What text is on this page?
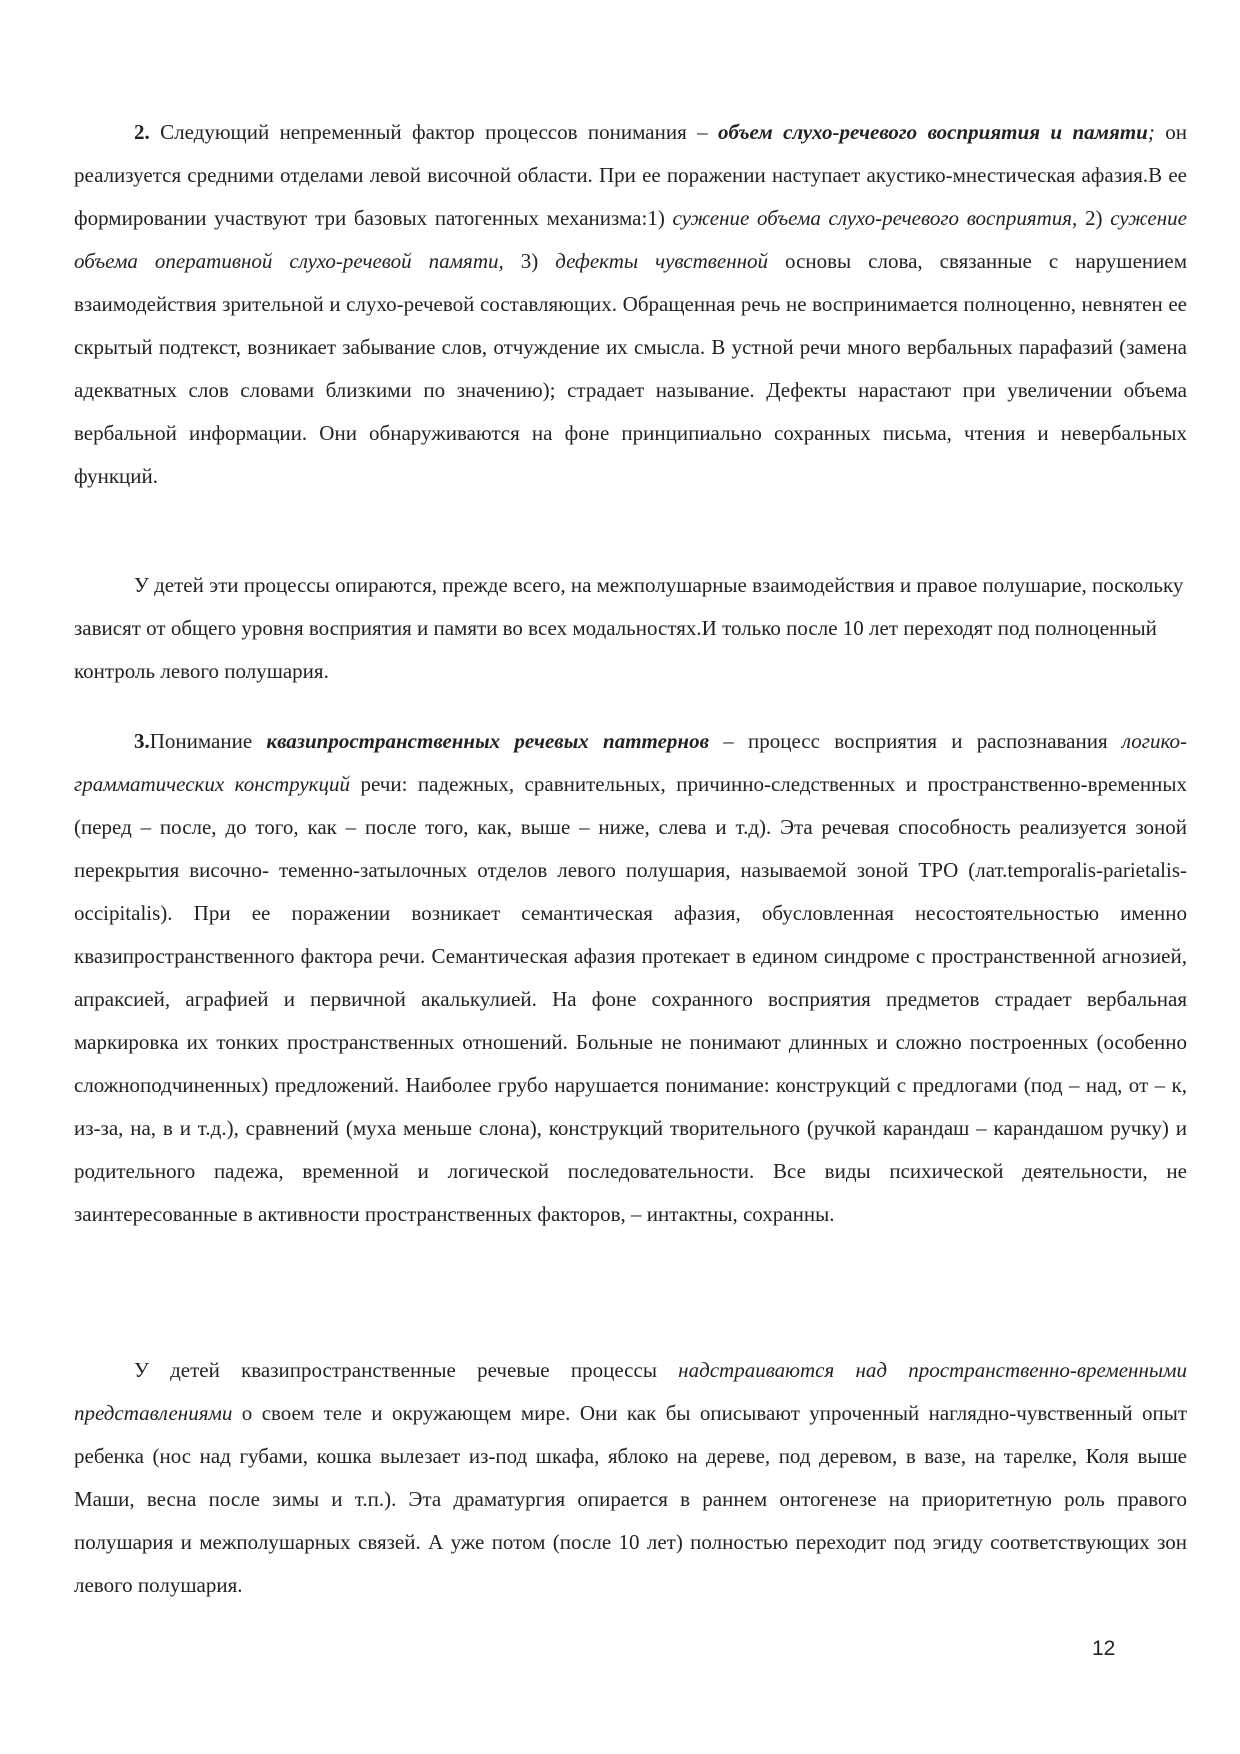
2. Следующий непременный фактор процессов понимания – объем слухо-речевого восприятия и памяти; он реализуется средними отделами левой височной области. При ее поражении наступает акустико-мнестическая афазия.В ее формировании участвуют три базовых патогенных механизма:1) сужение объема слухо-речевого восприятия, 2) сужение объема оперативной слухо-речевой памяти, 3) дефекты чувственной основы слова, связанные с нарушением взаимодействия зрительной и слухо-речевой составляющих. Обращенная речь не воспринимается полноценно, невнятен ее скрытый подтекст, возникает забывание слов, отчуждение их смысла. В устной речи много вербальных парафазий (замена адекватных слов словами близкими по значению); страдает называние. Дефекты нарастают при увеличении объема вербальной информации. Они обнаруживаются на фоне принципиально сохранных письма, чтения и невербальных функций.

У детей эти процессы опираются, прежде всего, на межполушарные взаимодействия и правое полушарие, поскольку зависят от общего уровня восприятия и памяти во всех модальностях.И только после 10 лет переходят под полноценный контроль левого полушария.

3.Понимание квазипространственных речевых паттернов – процесс восприятия и распознавания логико-грамматических конструкций речи: падежных, сравнительных, причинно-следственных и пространственно-временных (перед – после, до того, как – после того, как, выше – ниже, слева и т.д). Эта речевая способность реализуется зоной перекрытия височно- теменно-затылочных отделов левого полушария, называемой зоной ТРО (лат.temporalis-parietalis-occipitalis). При ее поражении возникает семантическая афазия, обусловленная несостоятельностью именно квазипространственного фактора речи. Семантическая афазия протекает в едином синдроме с пространственной агнозией, апраксией, аграфией и первичной акалькулией. На фоне сохранного восприятия предметов страдает вербальная маркировка их тонких пространственных отношений. Больные не понимают длинных и сложно построенных (особенно сложноподчиненных) предложений. Наиболее грубо нарушается понимание: конструкций с предлогами (под – над, от – к, из-за, на, в и т.д.), сравнений (муха меньше слона), конструкций творительного (ручкой карандаш – карандашом ручку) и родительного падежа, временной и логической последовательности. Все виды психической деятельности, не заинтересованные в активности пространственных факторов, – интактны, сохранны.

У детей квазипространственные речевые процессы надстраиваются над пространственно-временными представлениями о своем теле и окружающем мире. Они как бы описывают упроченный наглядно-чувственный опыт ребенка (нос над губами, кошка вылезает из-под шкафа, яблоко на дереве, под деревом, в вазе, на тарелке, Коля выше Маши, весна после зимы и т.п.). Эта драматургия опирается в раннем онтогенезе на приоритетную роль правого полушария и межполушарных связей. А уже потом (после 10 лет) полностью переходит под эгиду соответствующих зон левого полушария.

12
